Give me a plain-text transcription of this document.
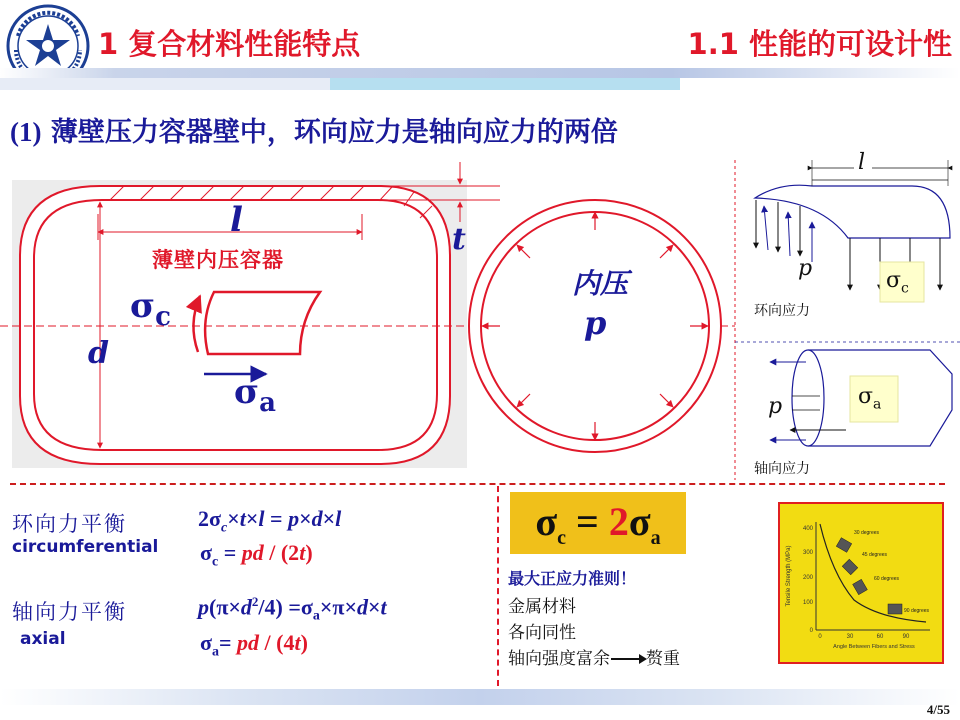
1 复合材料性能特点	1.1 性能的可设计性
(1) 薄壁压力容器壁中，环向应力是轴向应力的两倍
l	t
d
薄壁内压容器
$\sigma_c$
$\sigma_a$
内压
p
l
p
环向应力
$\sigma_c$
p	$\sigma_a$
轴向应力
环向力平衡
circumferential
$2\sigma_c\times t\times l = p\times d\times l$
$\sigma_c$ = pd / (2t)
轴向力平衡
axial
$p(\pi\times d^2/4) =\sigma_a\times\pi\times d\times t$
$\sigma_a=$ pd / (4t)
$\sigma_c = 2\sigma_a$
最大正应力准则！
金属材料
各向同性
轴向强度富余 赘重
Tensile Strength (MPa)
400
300
200
100
0
0	30	60	90
Angle Between Fibers and Stress
30 degrees
45 degrees
60 degrees
90 degrees
4/55
